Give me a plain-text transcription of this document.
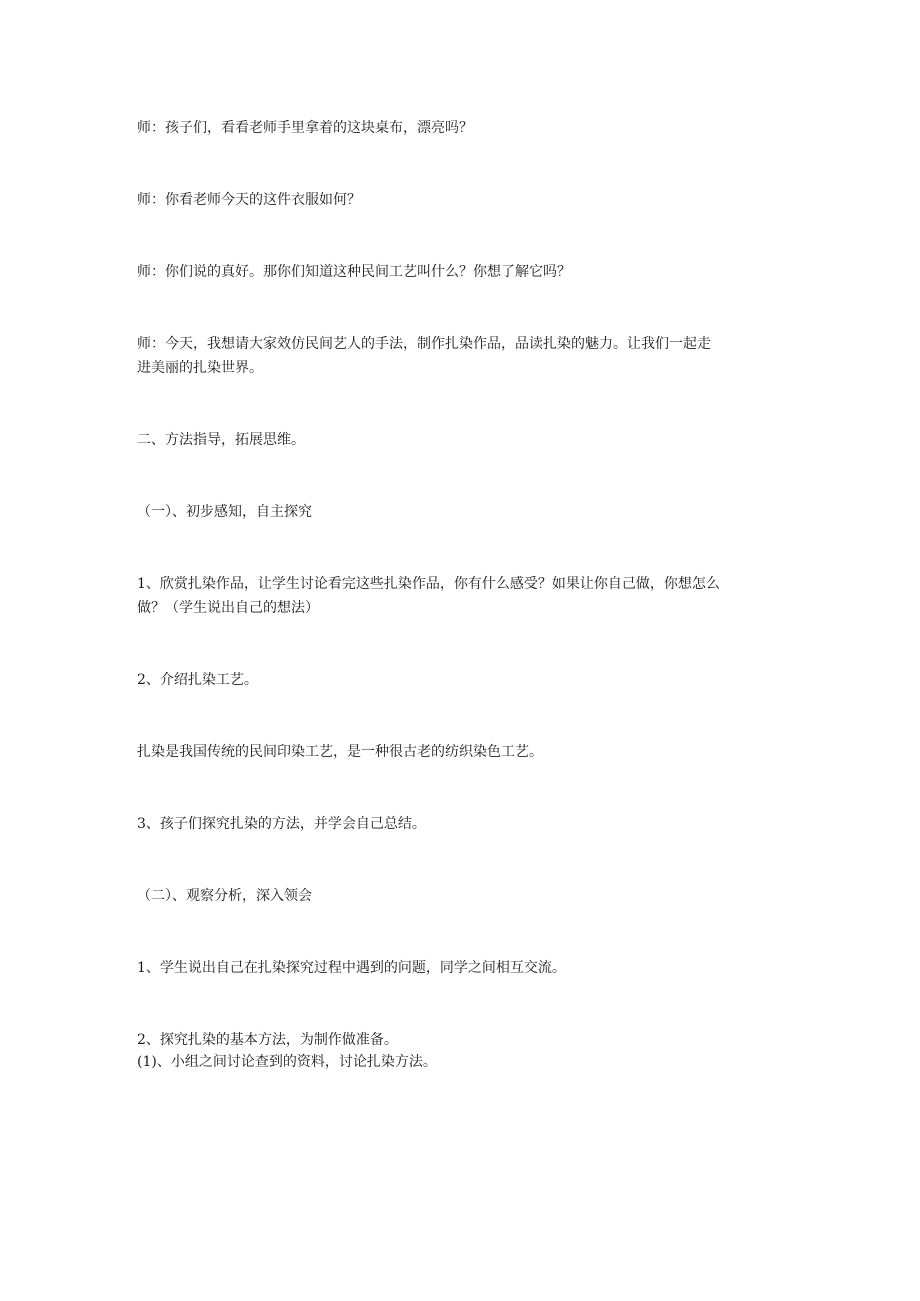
师：孩子们，看看老师手里拿着的这块桌布，漂亮吗？

师：你看老师今天的这件衣服如何？

师：你们说的真好。那你们知道这种民间工艺叫什么？你想了解它吗？

师：今天，我想请大家效仿民间艺人的手法，制作扎染作品，品读扎染的魅力。让我们一起走

进美丽的扎染世界。

二、方法指导，拓展思维。

（一）、初步感知，自主探究

1、欣赏扎染作品，让学生讨论看完这些扎染作品，你有什么感受？如果让你自己做，你想怎么

做？（学生说出自己的想法）

2、介绍扎染工艺。

扎染是我国传统的民间印染工艺，是一种很古老的纺织染色工艺。

3、孩子们探究扎染的方法，并学会自己总结。

（二）、观察分析，深入领会

1、学生说出自己在扎染探究过程中遇到的问题，同学之间相互交流。

2、探究扎染的基本方法，为制作做准备。

(1)、小组之间讨论查到的资料，讨论扎染方法。
